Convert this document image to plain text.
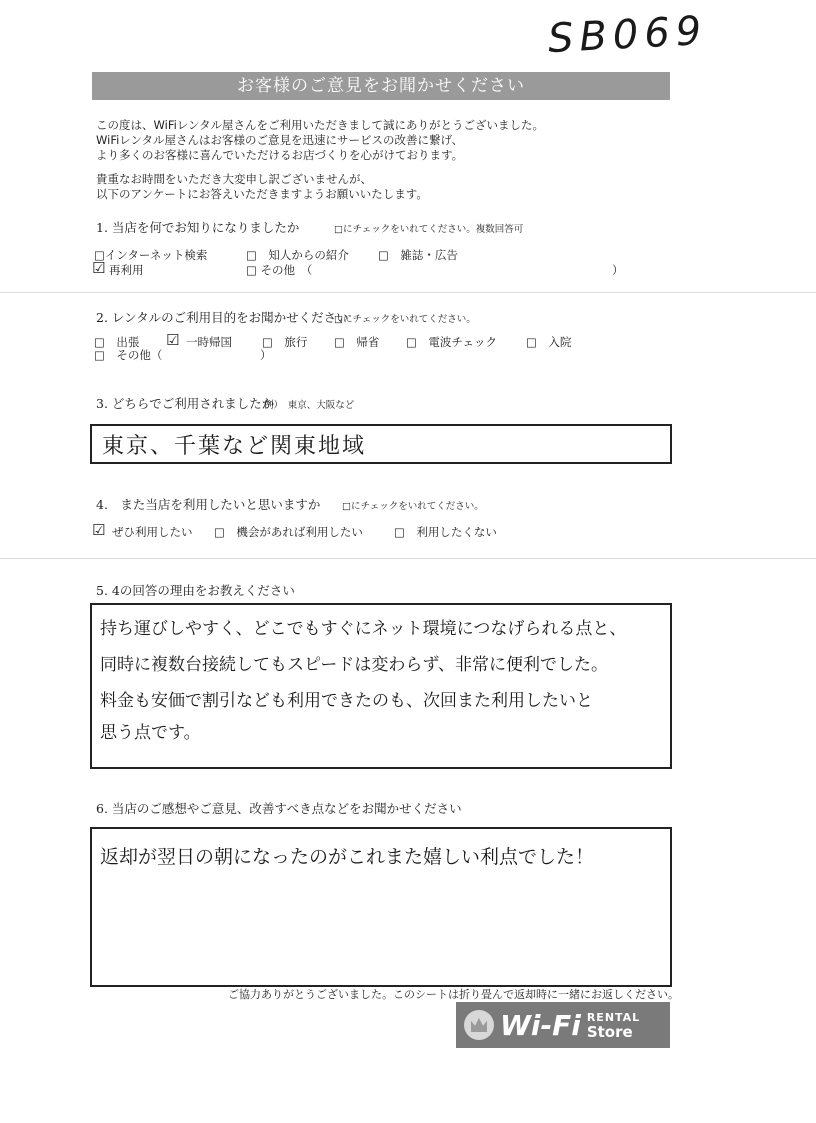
SB069
お客様のご意見をお聞かせください
この度は、WiFiレンタル屋さんをご利用いただきまして誠にありがとうございました。
WiFiレンタル屋さんはお客様のご意見を迅速にサービスの改善に繋げ、
より多くのお客様に喜んでいただけるお店づくりを心がけております。
貴重なお時間をいただき大変申し訳ございませんが、
以下のアンケートにお答えいただきますようお願いいたします。
1. 当店を何でお知りになりましたか	□にチェックをいれてください。複数回答可
□インターネット検索	□　知人からの紹介	□　雑誌・広告
☑ 再利用	□ その他　（	）
2. レンタルのご利用目的をお聞かせください
□にチェックをいれてください。
□　出張 ☑ 一時帰国	□　旅行 □　帰省 □　電波チェック	□　入院
□　その他（	）
3. どちらでご利用されましたか
例）　東京、大阪など
東京、千葉など関東地域
4.　また当店を利用したいと思いますか □にチェックをいれてください。
☑ ぜひ利用したい □　機会があれば利用したい	□　利用したくない
5. 4の回答の理由をお教えください
持ち運びしやすく、どこでもすぐにネット環境につなげられる点と、
同時に複数台接続してもスピードは変わらず、非常に便利でした。
料金も安価で割引なども利用できたのも、次回また利用したいと
思う点です。
6. 当店のご感想やご意見、改善すべき点などをお聞かせください
返却が翌日の朝になったのがこれまた嬉しい利点でした！
ご協力ありがとうございました。このシートは折り畳んで返却時に一緒にお返しください。
Wi-Fi RENTAL
Store
